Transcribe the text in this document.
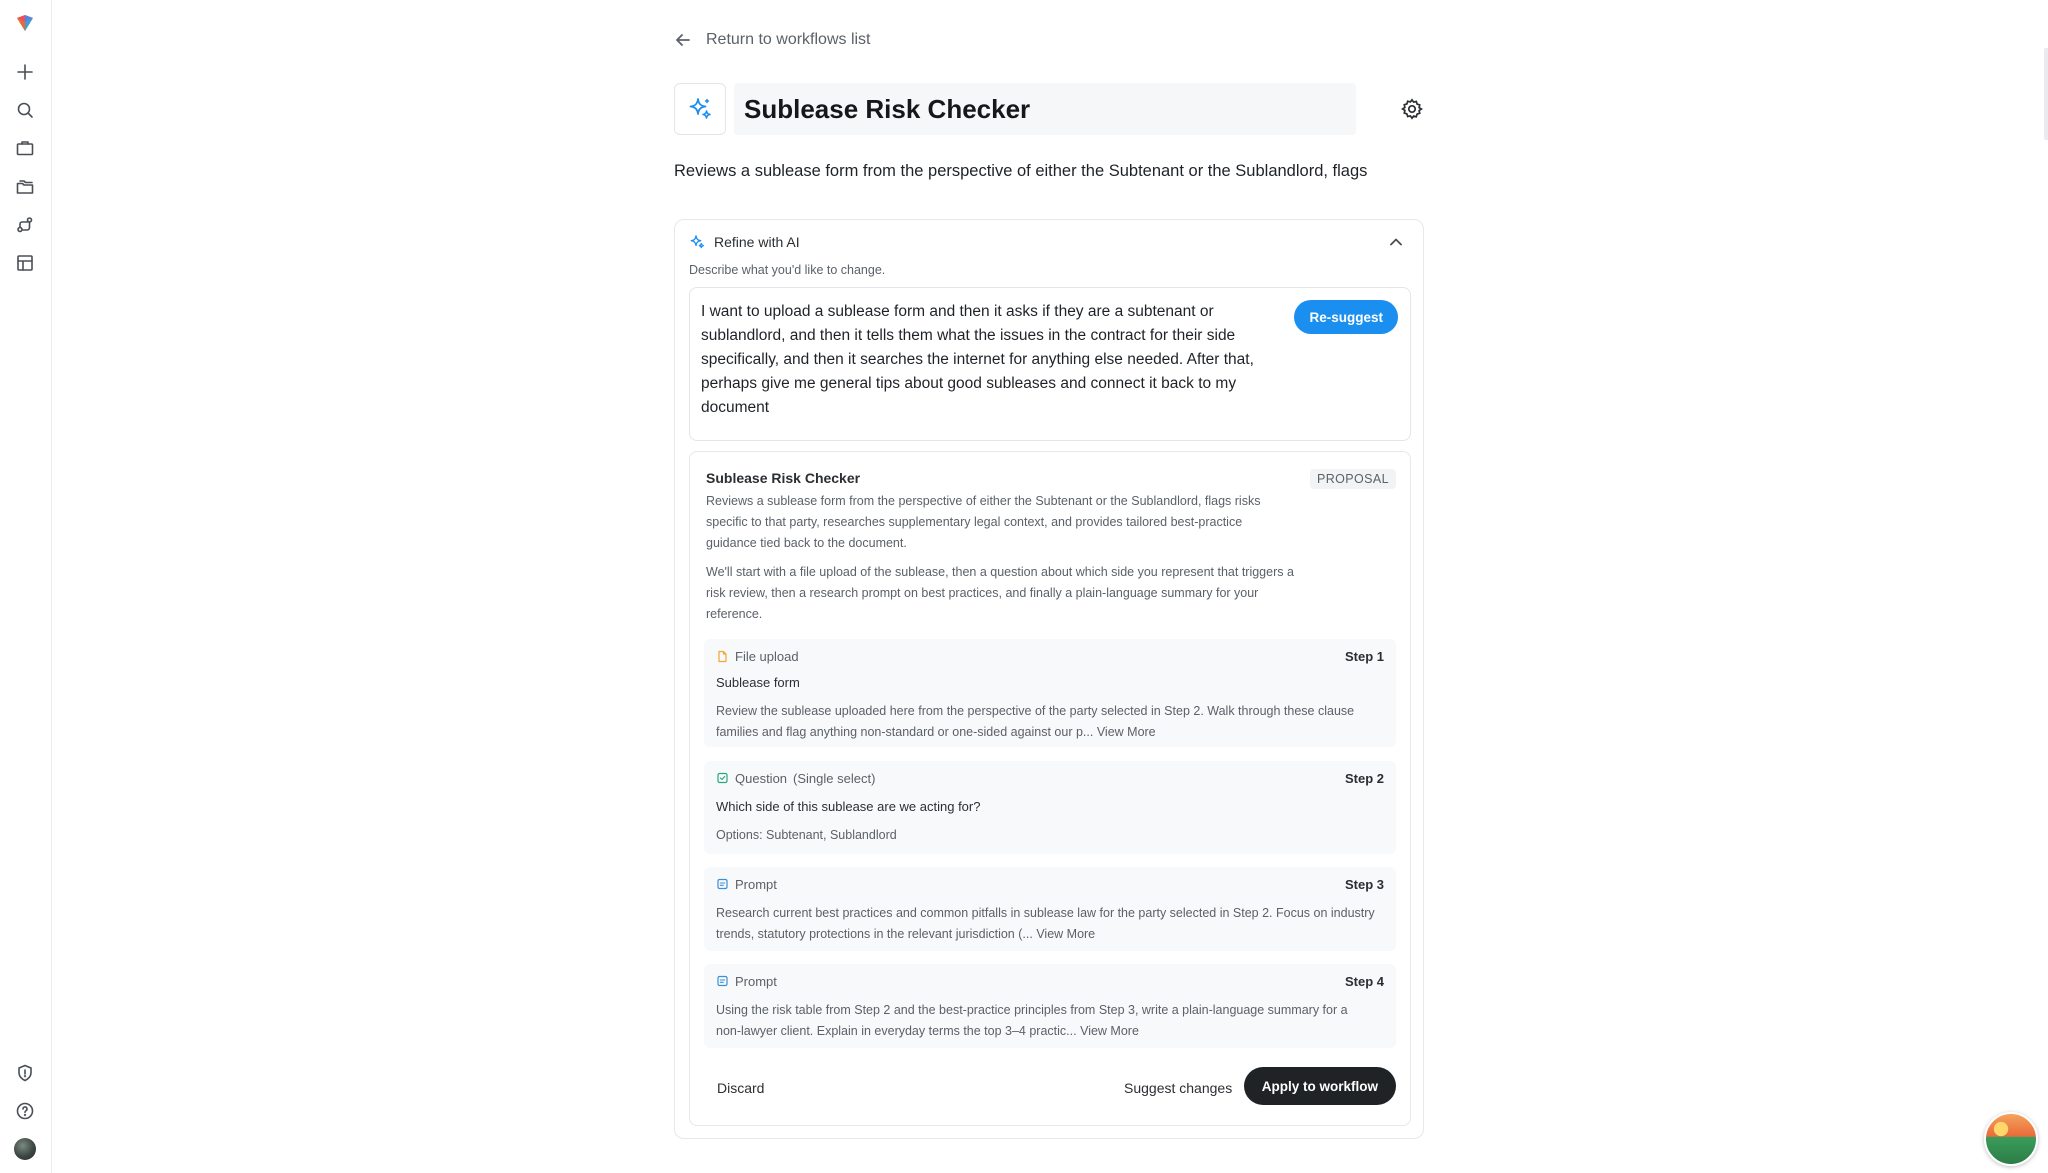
Return to workflows list
Sublease Risk Checker
Reviews a sublease form from the perspective of either the Subtenant or the Sublandlord, flags
Refine with AI
Describe what you'd like to change.
I want to upload a sublease form and then it asks if they are a subtenant or sublandlord, and then it tells them what the issues in the contract for their side specifically, and then it searches the internet for anything else needed. After that, perhaps give me general tips about good subleases and connect it back to my document
Re-suggest
Sublease Risk Checker	PROPOSAL
Reviews a sublease form from the perspective of either the Subtenant or the Sublandlord, flags risks specific to that party, researches supplementary legal context, and provides tailored best-practice guidance tied back to the document.
We'll start with a file upload of the sublease, then a question about which side you represent that triggers a risk review, then a research prompt on best practices, and finally a plain-language summary for your reference.
File upload	Step 1
Sublease form
Review the sublease uploaded here from the perspective of the party selected in Step 2. Walk through these clause families and flag anything non-standard or one-sided against our p... View More
Question (Single select)	Step 2
Which side of this sublease are we acting for?
Options: Subtenant, Sublandlord
Prompt	Step 3
Research current best practices and common pitfalls in sublease law for the party selected in Step 2. Focus on industry trends, statutory protections in the relevant jurisdiction (... View More
Prompt	Step 4
Using the risk table from Step 2 and the best-practice principles from Step 3, write a plain-language summary for a non-lawyer client. Explain in everyday terms the top 3–4 practic... View More
Discard	Suggest changes	Apply to workflow
